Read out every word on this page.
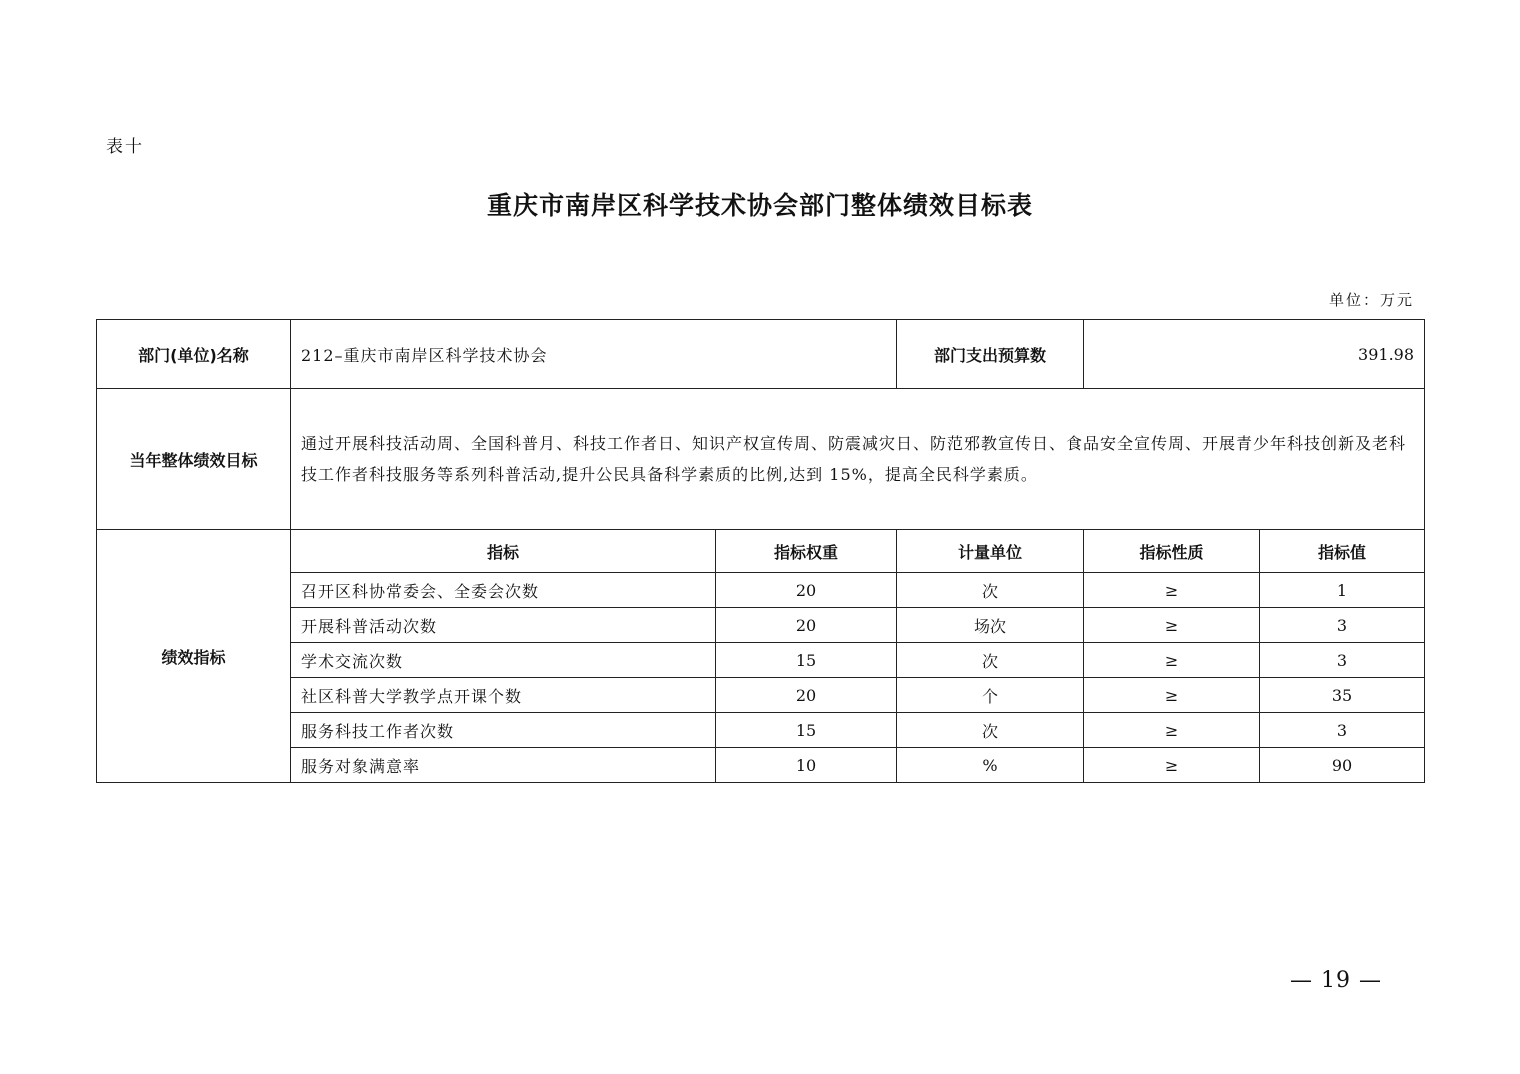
表十
重庆市南岸区科学技术协会部门整体绩效目标表
单位：万元
部门(单位)名称	212–重庆市南岸区科学技术协会		部门支出预算数	391.98	
当年整体绩效目标	通过开展科技活动周、全国科普月、科技工作者日、知识产权宣传周、防震减灾日、防范邪教宣传日、食品安全宣传周、开展青少年科技创新及老科技工作者科技服务等系列科普活动,提升公民具备科学素质的比例,达到 15%，提高全民科学素质。				
绩效指标	指标	指标权重	计量单位	指标性质	指标值
	召开区科协常委会、全委会次数	20	次	≥	1
	开展科普活动次数	20	场次	≥	3
	学术交流次数	15	次	≥	3
	社区科普大学教学点开课个数	20	个	≥	35
	服务科技工作者次数	15	次	≥	3
	服务对象满意率	10	%	≥	90
— 19 —
